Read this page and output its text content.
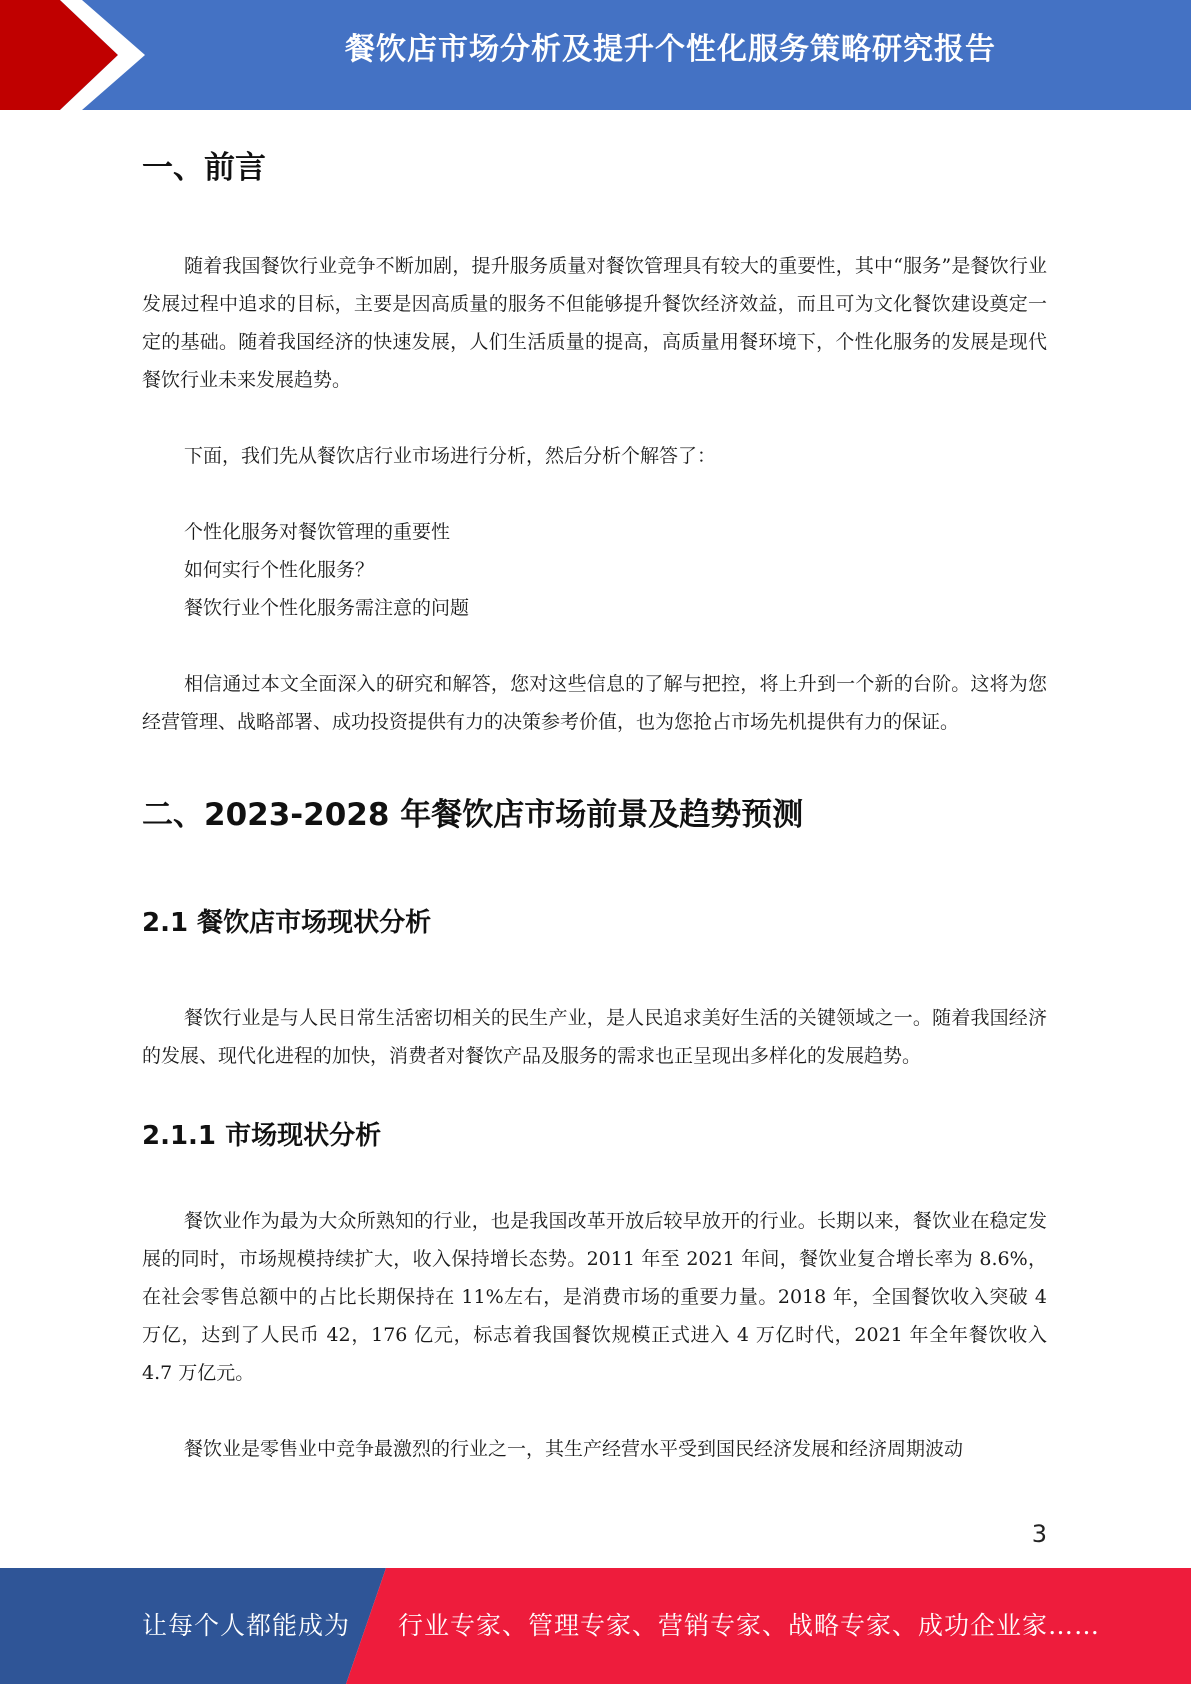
餐饮店市场分析及提升个性化服务策略研究报告
一、前言

随着我国餐饮行业竞争不断加剧，提升服务质量对餐饮管理具有较大的重要性，其中“服务”是餐饮行业发展过程中追求的目标，主要是因高质量的服务不但能够提升餐饮经济效益，而且可为文化餐饮建设奠定一定的基础。随着我国经济的快速发展，人们生活质量的提高，高质量用餐环境下，个性化服务的发展是现代餐饮行业未来发展趋势。

下面，我们先从餐饮店行业市场进行分析，然后分析个解答了：

个性化服务对餐饮管理的重要性

如何实行个性化服务？

餐饮行业个性化服务需注意的问题

相信通过本文全面深入的研究和解答，您对这些信息的了解与把控，将上升到一个新的台阶。这将为您经营管理、战略部署、成功投资提供有力的决策参考价值，也为您抢占市场先机提供有力的保证。

二、2023-2028 年餐饮店市场前景及趋势预测
2.1 餐饮店市场现状分析

餐饮行业是与人民日常生活密切相关的民生产业，是人民追求美好生活的关键领域之一。随着我国经济的发展、现代化进程的加快，消费者对餐饮产品及服务的需求也正呈现出多样化的发展趋势。

2.1.1 市场现状分析

餐饮业作为最为大众所熟知的行业，也是我国改革开放后较早放开的行业。长期以来，餐饮业在稳定发展的同时，市场规模持续扩大，收入保持增长态势。2011 年至 2021 年间，餐饮业复合增长率为 8.6%，在社会零售总额中的占比长期保持在 11%左右，是消费市场的重要力量。2018 年，全国餐饮收入突破 4 万亿，达到了人民币 42，176 亿元，标志着我国餐饮规模正式进入 4 万亿时代，2021 年全年餐饮收入 4.7 万亿元。

餐饮业是零售业中竞争最激烈的行业之一，其生产经营水平受到国民经济发展和经济周期波动

3
让每个人都能成为 行业专家、管理专家、营销专家、战略专家、成功企业家……
